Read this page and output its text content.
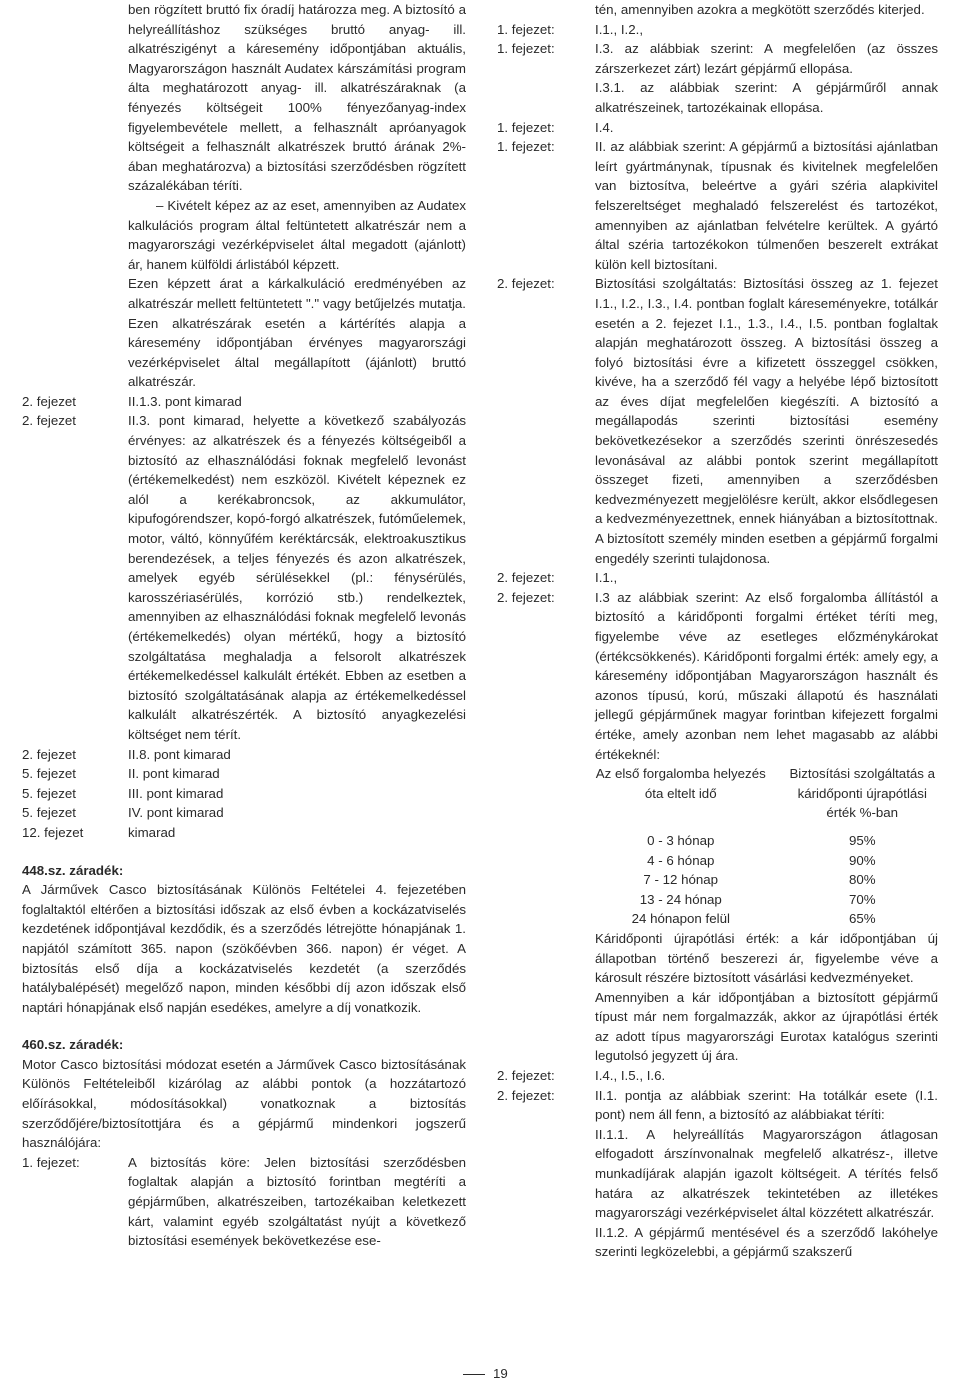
ben rögzített bruttó fix óradíj határozza meg. A biztosító a helyreállításhoz szükséges bruttó anyag- ill. alkatrészigényt a káresemény időpontjában aktuális, Magyarországon használt Audatex kárszámítási program álta meghatározott anyag- ill. alkatrészáraknak (a fényezés költségeit 100% fényezőanyag-index figyelembevétele mellett, a felhasznált apróanyagok költségeit a felhasznált alkatrészek bruttó árának 2%-ában meghatározva) a biztosítási szerződésben rögzített százalékában téríti.

– Kivételt képez az az eset, amennyiben az Audatex kalkulációs program által feltüntetett alkatrészár nem a magyarországi vezérképviselet által megadott (ajánlott) ár, hanem külföldi árlistából képzett.

Ezen képzett árat a kárkalkuláció eredményében az alkatrészár mellett feltüntetett "." vagy betűjelzés mutatja. Ezen alkatrészárak esetén a kártérítés alapja a káresemény időpontjában érvényes magyarországi vezérképviselet által megállapított (ájánlott) bruttó alkatrészár.

2. fejezet	II.1.3. pont kimarad
2. fejezet	II.3. pont kimarad, helyette a következő szabályozás érvényes: az alkatrészek és a fényezés költségeiből a biztosító az elhasználódási foknak megfelelő levonást (értékemelkedést) nem eszközöl. Kivételt képeznek ez alól a kerékabroncsok, az akkumulátor, kipufogórendszer, kopó-forgó alkatrészek, futóműelemek, motor, váltó, könnyűfém keréktárcsák, elektroakusztikus berendezések, a teljes fényezés és azon alkatrészek, amelyek egyéb sérülésekkel (pl.: fénysérülés, karosszériasérülés, korrózió stb.) rendelkeztek, amennyiben az elhasználódási foknak megfelelő levonás (értékemelkedés) olyan mértékű, hogy a biztosító szolgáltatása meghaladja a felsorolt alkatrészek értékemelkedéssel kalkulált értékét. Ebben az esetben a biztosító szolgáltatásának alapja az értékemelkedéssel kalkulált alkatrészérték. A biztosító anyagkezelési költséget nem térít.
2. fejezet	II.8. pont kimarad
5. fejezet	II. pont kimarad
5. fejezet	III. pont kimarad
5. fejezet	IV. pont kimarad
12. fejezet	kimarad

448.sz. záradék:

A Járművek Casco biztosításának Különös Feltételei 4. fejezetében foglaltaktól eltérően a biztosítási időszak az első évben a kockázatviselés kezdetének időpontjával kezdődik, és a szerződés létrejötte hónapjának 1. napjától számított 365. napon (szökőévben 366. napon) ér véget. A biztosítás első díja a kockázatviselés kezdetét (a szerződés hatálybalépését) megelőző napon, minden későbbi díj azon időszak első naptári hónapjának első napján esedékes, amelyre a díj vonatkozik.

460.sz. záradék:

Motor Casco biztosítási módozat esetén a Járművek Casco biztosításának Különös Feltételeiből kizárólag az alábbi pontok (a hozzátartozó előírásokkal, módosításokkal) vonatkoznak a biztosítás szerződőjére/biztosítottjára és a gépjármű mindenkori jogszerű használójára:

1. fejezet:	A biztosítás köre: Jelen biztosítási szerződésben foglaltak alapján a biztosító forintban megtéríti a gépjárműben, alkatrészeiben, tartozékaiban keletkezett kárt, valamint egyéb szolgáltatást nyújt a következő biztosítási események bekövetkezése ese-

tén, amennyiben azokra a megkötött szerződés kiterjed.

1. fejezet:	I.1., I.2.,
1. fejezet:	I.3. az alábbiak szerint: A megfelelően (az összes zárszerkezet zárt) lezárt gépjármű ellopása.
I.3.1. az alábbiak szerint: A gépjárműről annak alkatrészeinek, tartozékainak ellopása.
1. fejezet:	I.4.
1. fejezet:	II. az alábbiak szerint: A gépjármű a biztosítási ajánlatban leírt gyártmánynak, típusnak és kivitelnek megfelelően van biztosítva, beleértve a gyári széria alapkivitel felszereltséget meghaladó felszerelést és tartozékot, amennyiben az ajánlatban felvételre kerültek. A gyártó által széria tartozékokon túlmenően beszerelt extrákat külön kell biztosítani.
2. fejezet:	Biztosítási szolgáltatás: Biztosítási összeg az 1. fejezet I.1., I.2., I.3., I.4. pontban foglalt káreseményekre, totálkár esetén a 2. fejezet I.1., 1.3., I.4., I.5. pontban foglaltak alapján meghatározott összeg. A biztosítási összeg a folyó biztosítási évre a kifizetett összeggel csökken, kivéve, ha a szerződő fél vagy a helyébe lépő biztosított az éves díjat megfelelően kiegészíti. A biztosító a megállapodás szerinti biztosítási esemény bekövetkezésekor a szerződés szerinti önrészesedés levonásával az alábbi pontok szerint megállapított összeget fizeti, amennyiben a szerződésben kedvezményezett megjelölésre került, akkor elsődlegesen a kedvezményezettnek, ennek hiányában a biztosítottnak. A biztosított személy minden esetben a gépjármű forgalmi engedély szerinti tulajdonosa.
2. fejezet:	I.1.,
2. fejezet:	I.3 az alábbiak szerint: Az első forgalomba állítástól a biztosító a káridőponti forgalmi értéket téríti meg, figyelembe véve az esetleges előzménykárokat (értékcsökkenés). Káridőponti forgalmi érték: amely egy, a káresemény időpontjában Magyarországon használt és azonos típusú, korú, műszaki állapotú és használati jellegű gépjárműnek magyar forintban kifejezett forgalmi értéke, amely azonban nem lehet magasabb az alábbi értékeknél:
Az első forgalomba helyezés óta eltelt idő	Biztosítási szolgáltatás a káridőponti újrapótlási érték %-ban

0 - 3 hónap	95%
4 - 6 hónap	90%
7 - 12 hónap	80%
13 - 24 hónap	70%
24 hónapon felül	65%

Káridőponti újrapótlási érték: a kár időpontjában új állapotban történő beszerezi ár, figyelembe véve a károsult részére biztosított vásárlási kedvezményeket.

Amennyiben a kár időpontjában a biztosított gépjármű típust már nem forgalmazzák, akkor az újrapótlási érték az adott típus magyarországi Eurotax katalógus szerinti legutolsó jegyzett új ára.

2. fejezet:	I.4., I.5., I.6.
2. fejezet:	II.1. pontja az alábbiak szerint: Ha totálkár esete (I.1. pont) nem áll fenn, a biztosító az alábbiakat téríti:

II.1.1. A helyreállítás Magyarországon átlagosan elfogadott árszínvonalnak megfelelő alkatrész-, illetve munkadíjárak alapján igazolt költségeit. A térítés felső határa az alkatrészek tekintetében az illetékes magyarországi vezérképviselet által közzétett alkatrészár.

II.1.2. A gépjármű mentésével és a szerződő lakóhelye szerinti legközelebbi, a gépjármű szakszerű

19
